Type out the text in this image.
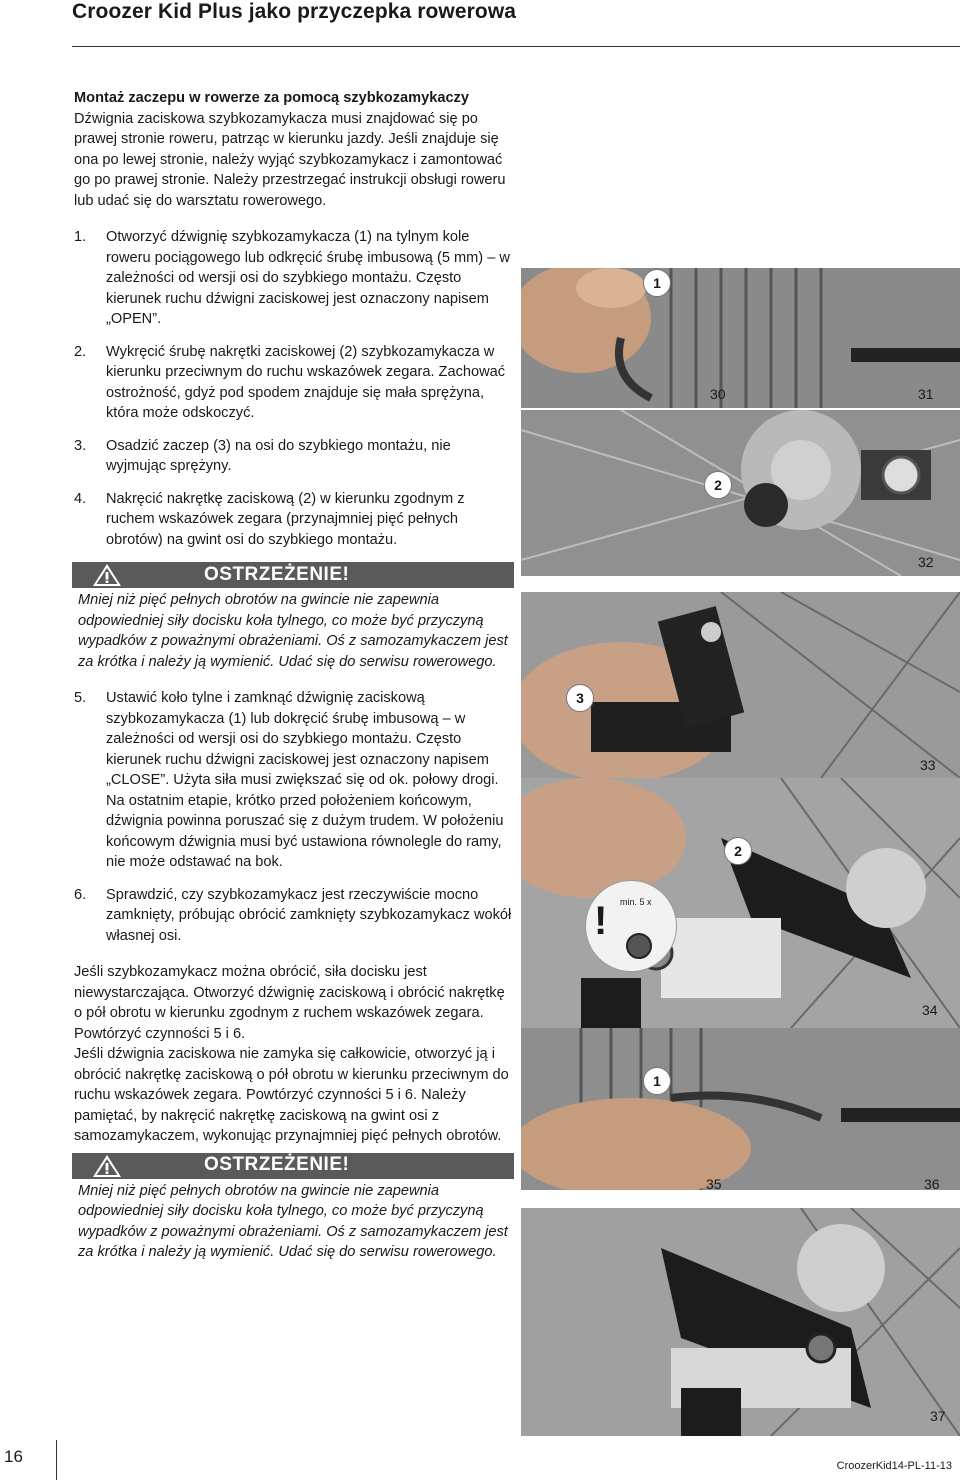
Croozer Kid Plus jako przyczepka rowerowa

Montaż zaczepu w rowerze za pomocą szybkozamykaczy

Dźwignia zaciskowa szybkozamykacza musi znajdować się po prawej stronie roweru, patrząc w kierunku jazdy. Jeśli znajduje się ona po lewej stronie, należy wyjąć szybkozamykacz i zamontować go po prawej stronie. Należy przestrzegać instrukcji obsługi roweru lub udać się do warsztatu rowerowego.

1.	Otworzyć dźwignię szybkozamykacza (1) na tylnym kole roweru pociągowego lub odkręcić śrubę imbusową (5 mm) – w zależności od wersji osi do szybkiego montażu. Często kierunek ruchu dźwigni zaciskowej jest oznaczony napisem „OPEN”.
2.	Wykręcić śrubę nakrętki zaciskowej (2) szybkozamykacza w kierunku przeciwnym do ruchu wskazówek zegara. Zachować ostrożność, gdyż pod spodem znajduje się mała sprężyna, która może odskoczyć.
3.	Osadzić zaczep (3) na osi do szybkiego montażu, nie wyjmując sprężyny.
4.	Nakręcić nakrętkę zaciskową (2) w kierunku zgodnym z ruchem wskazówek zegara (przynajmniej pięć pełnych obrotów) na gwint osi do szybkiego montażu.
OSTRZEŻENIE!
Mniej niż pięć pełnych obrotów na gwincie nie zapewnia odpowiedniej siły docisku koła tylnego, co może być przyczyną wypadków z poważnymi obrażeniami. Oś z samozamykaczem jest za krótka i należy ją wymienić. Udać się do serwisu rowerowego.
5.	Ustawić koło tylne i zamknąć dźwignię zaciskową szybkozamykacza (1) lub dokręcić śrubę imbusową – w zależności od wersji osi do szybkiego montażu. Często kierunek ruchu dźwigni zaciskowej jest oznaczony napisem „CLOSE”. Użyta siła musi zwiększać się od ok. połowy drogi. Na ostatnim etapie, krótko przed położeniem końcowym, dźwignia powinna poruszać się z dużym trudem. W położeniu końcowym dźwignia musi być ustawiona równolegle do ramy, nie może odstawać na bok.
6.	Sprawdzić, czy szybkozamykacz jest rzeczywiście mocno zamknięty, próbując obrócić zamknięty szybkozamykacz wokół własnej osi.

Jeśli szybkozamykacz można obrócić, siła docisku jest niewystarczająca. Otworzyć dźwignię zaciskową i obrócić nakrętkę o pół obrotu w kierunku zgodnym z ruchem wskazówek zegara. Powtórzyć czynności 5 i 6.

Jeśli dźwignia zaciskowa nie zamyka się całkowicie, otworzyć ją i obrócić nakrętkę zaciskową o pół obrotu w kierunku przeciwnym do ruchu wskazówek zegara. Powtórzyć czynności 5 i 6. Należy pamiętać, by nakręcić nakrętkę zaciskową na gwint osi z samozamykaczem, wykonując przynajmniej pięć pełnych obrotów.

OSTRZEŻENIE!
Mniej niż pięć pełnych obrotów na gwincie nie zapewnia odpowiedniej siły docisku koła tylnego, co może być przyczyną wypadków z poważnymi obrażeniami. Oś z samozamykaczem jest za krótka i należy ją wymienić. Udać się do serwisu rowerowego.
30	31
32
33
34
35	36
37
1
2
3
2
1
! min. 5 x
16	CroozerKid14-PL-11-13
